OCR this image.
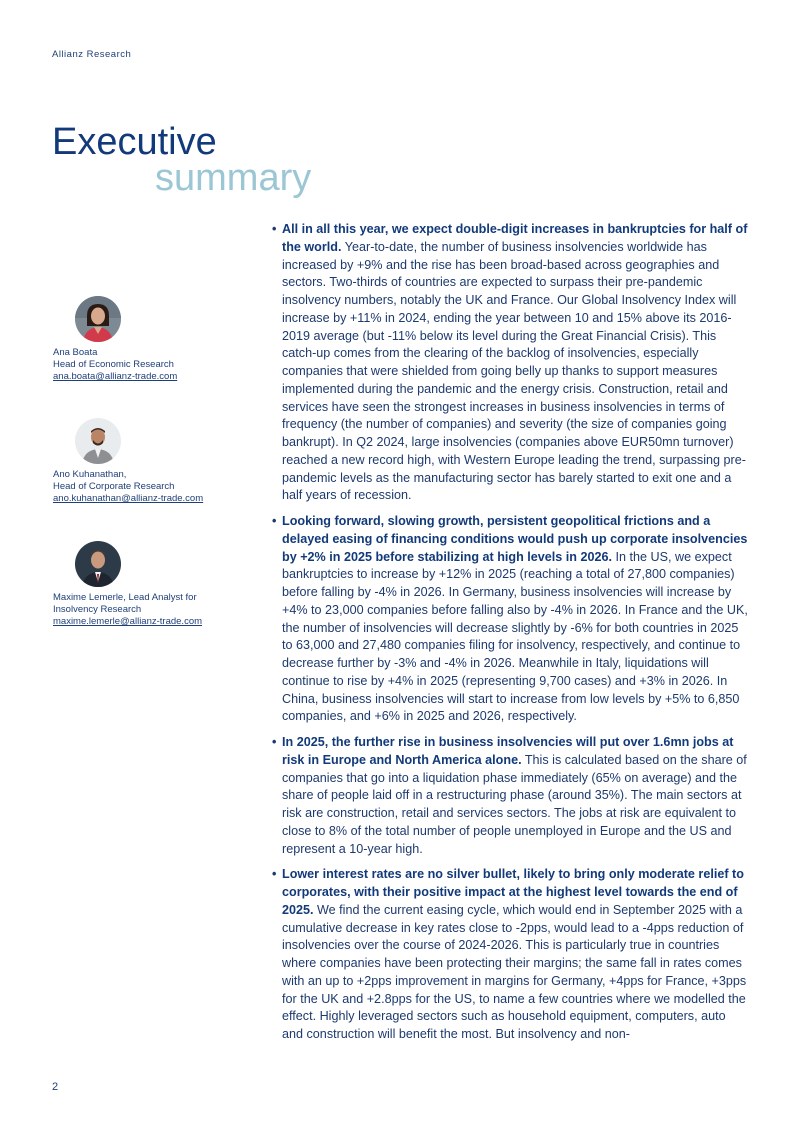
Allianz Research
Executive
summary
Ana Boata
Head of Economic Research
ana.boata@allianz-trade.com
Ano Kuhanathan,
Head of Corporate Research
ano.kuhanathan@allianz-trade.com
Maxime Lemerle, Lead Analyst for
Insolvency Research
maxime.lemerle@allianz-trade.com
• All in all this year, we expect double-digit increases in bankruptcies for half of the world. Year-to-date, the number of business insolvencies worldwide has increased by +9% and the rise has been broad-based across geographies and sectors. Two-thirds of countries are expected to surpass their pre-pandemic insolvency numbers, notably the UK and France. Our Global Insolvency Index will increase by +11% in 2024, ending the year between 10 and 15% above its 2016-2019 average (but -11% below its level during the Great Financial Crisis). This catch-up comes from the clearing of the backlog of insolvencies, especially companies that were shielded from going belly up thanks to support measures implemented during the pandemic and the energy crisis. Construction, retail and services have seen the strongest increases in business insolvencies in terms of frequency (the number of companies) and severity (the size of companies going bankrupt). In Q2 2024, large insolvencies (companies above EUR50mn turnover) reached a new record high, with Western Europe leading the trend, surpassing pre-pandemic levels as the manufacturing sector has barely started to exit one and a half years of recession.
• Looking forward, slowing growth, persistent geopolitical frictions and a delayed easing of financing conditions would push up corporate insolvencies by +2% in 2025 before stabilizing at high levels in 2026. In the US, we expect bankruptcies to increase by +12% in 2025 (reaching a total of 27,800 companies) before falling by -4% in 2026. In Germany, business insolvencies will increase by +4% to 23,000 companies before falling also by -4% in 2026. In France and the UK, the number of insolvencies will decrease slightly by -6% for both countries in 2025 to 63,000 and 27,480 companies filing for insolvency, respectively, and continue to decrease further by -3% and -4% in 2026. Meanwhile in Italy, liquidations will continue to rise by +4% in 2025 (representing 9,700 cases) and +3% in 2026. In China, business insolvencies will start to increase from low levels by +5% to 6,850 companies, and +6% in 2025 and 2026, respectively.
• In 2025, the further rise in business insolvencies will put over 1.6mn jobs at risk in Europe and North America alone. This is calculated based on the share of companies that go into a liquidation phase immediately (65% on average) and the share of people laid off in a restructuring phase (around 35%). The main sectors at risk are construction, retail and services sectors. The jobs at risk are equivalent to close to 8% of the total number of people unemployed in Europe and the US and represent a 10-year high.
• Lower interest rates are no silver bullet, likely to bring only moderate relief to corporates, with their positive impact at the highest level towards the end of 2025. We find the current easing cycle, which would end in September 2025 with a cumulative decrease in key rates close to -2pps, would lead to a -4pps reduction of insolvencies over the course of 2024-2026. This is particularly true in countries where companies have been protecting their margins; the same fall in rates comes with an up to +2pps improvement in margins for Germany, +4pps for France, +3pps for the UK and +2.8pps for the US, to name a few countries where we modelled the effect. Highly leveraged sectors such as household equipment, computers, auto and construction will benefit the most. But insolvency and non-
2
